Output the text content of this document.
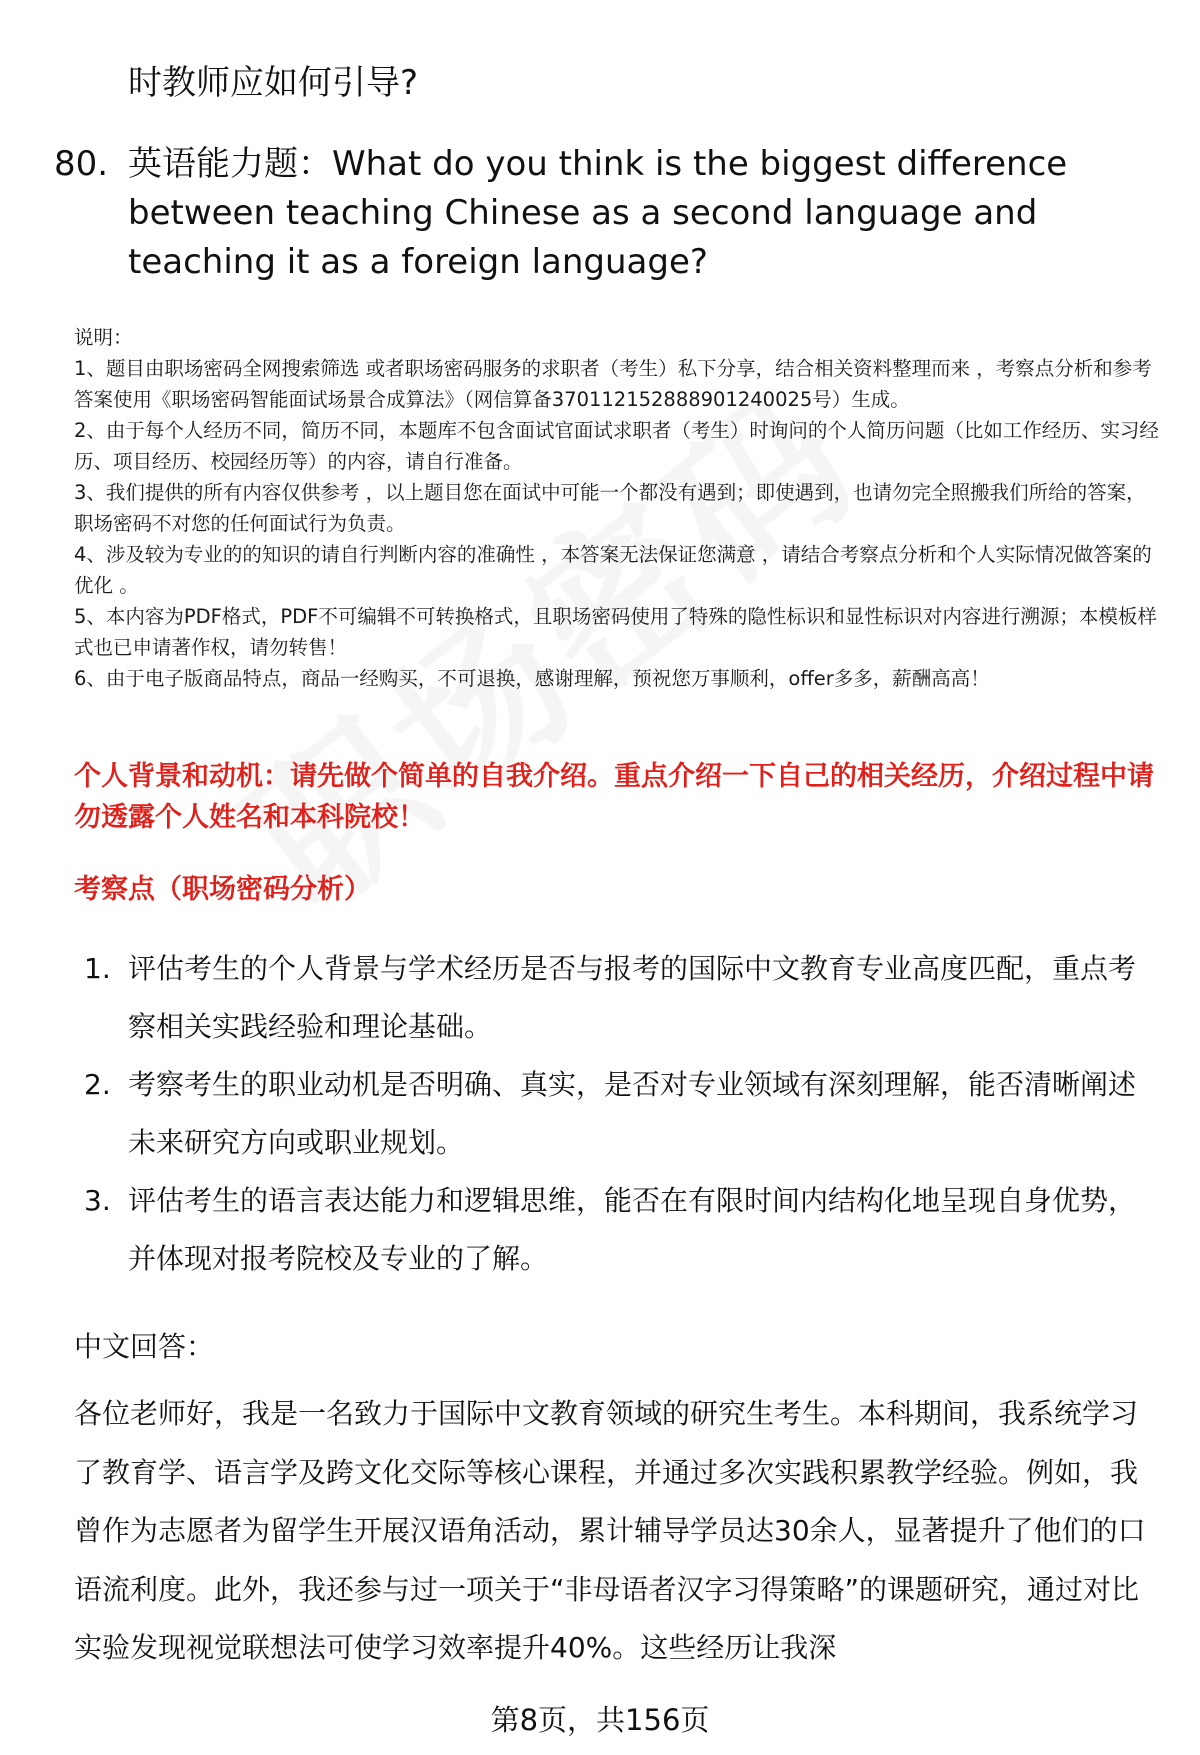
时教师应如何引导?
80. 英语能力题：What do you think is the biggest difference between teaching Chinese as a second language and teaching it as a foreign language?

说明：

1、题目由职场密码全网搜索筛选 或者职场密码服务的求职者（考生）私下分享，结合相关资料整理而来 ，考察点分析和参考答案使用《职场密码智能面试场景合成算法》（网信算备370112152888901240025号）生成。

2、由于每个人经历不同，简历不同，本题库不包含面试官面试求职者（考生）时询问的个人简历问题（比如工作经历、实习经历、项目经历、校园经历等）的内容，请自行准备。

3、我们提供的所有内容仅供参考 ，以上题目您在面试中可能一个都没有遇到；即使遇到，也请勿完全照搬我们所给的答案，职场密码不对您的任何面试行为负责。

4、涉及较为专业的的知识的请自行判断内容的准确性 ，本答案无法保证您满意 ，请结合考察点分析和个人实际情况做答案的优化 。

5、本内容为PDF格式，PDF不可编辑不可转换格式，且职场密码使用了特殊的隐性标识和显性标识对内容进行溯源；本模板样式也已申请著作权，请勿转售！

6、由于电子版商品特点，商品一经购买，不可退换，感谢理解，预祝您万事顺利，offer多多，薪酬高高！

个人背景和动机：请先做个简单的自我介绍。重点介绍一下自己的相关经历，介绍过程中请勿透露个人姓名和本科院校！
考察点（职场密码分析）
1. 评估考生的个人背景与学术经历是否与报考的国际中文教育专业高度匹配，重点考察相关实践经验和理论基础。
2. 考察考生的职业动机是否明确、真实，是否对专业领域有深刻理解，能否清晰阐述未来研究方向或职业规划。
3. 评估考生的语言表达能力和逻辑思维，能否在有限时间内结构化地呈现自身优势，并体现对报考院校及专业的了解。
中文回答：
各位老师好，我是一名致力于国际中文教育领域的研究生考生。本科期间，我系统学习了教育学、语言学及跨文化交际等核心课程，并通过多次实践积累教学经验。例如，我曾作为志愿者为留学生开展汉语角活动，累计辅导学员达30余人，显著提升了他们的口语流利度。此外，我还参与过一项关于“非母语者汉字习得策略”的课题研究，通过对比实验发现视觉联想法可使学习效率提升40%。这些经历让我深
第8页，共156页
